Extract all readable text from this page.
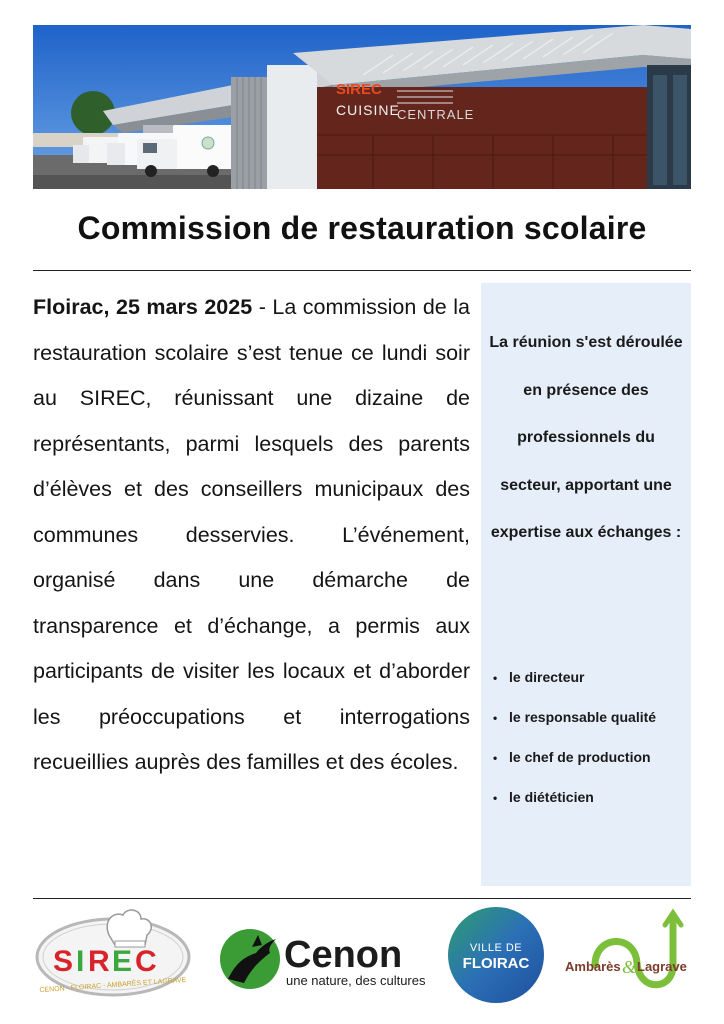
SIREC
CUISINE
CENTRALE
Commission de restauration scolaire
Floirac, 25 mars 2025 - La commission de la restauration scolaire s’est tenue ce lundi soir au SIREC, réunissant une dizaine de représentants, parmi lesquels des parents d’élèves et des conseillers municipaux des communes desservies. L’événement, organisé dans une démarche de transparence et d’échange, a permis aux participants de visiter les locaux et d’aborder les préoccupations et interrogations recueillies auprès des familles et des écoles.
La réunion s'est déroulée en présence des professionnels du secteur, apportant une expertise aux échanges :
• le directeur
• le responsable qualité
• le chef de production
• le diététicien
S I R E C
CENON - FLOIRAC - AMBARÈS ET LAGRAVE
Cenon
une nature, des cultures
VILLE DE
FLOIRAC	Ambarès & Lagrave
